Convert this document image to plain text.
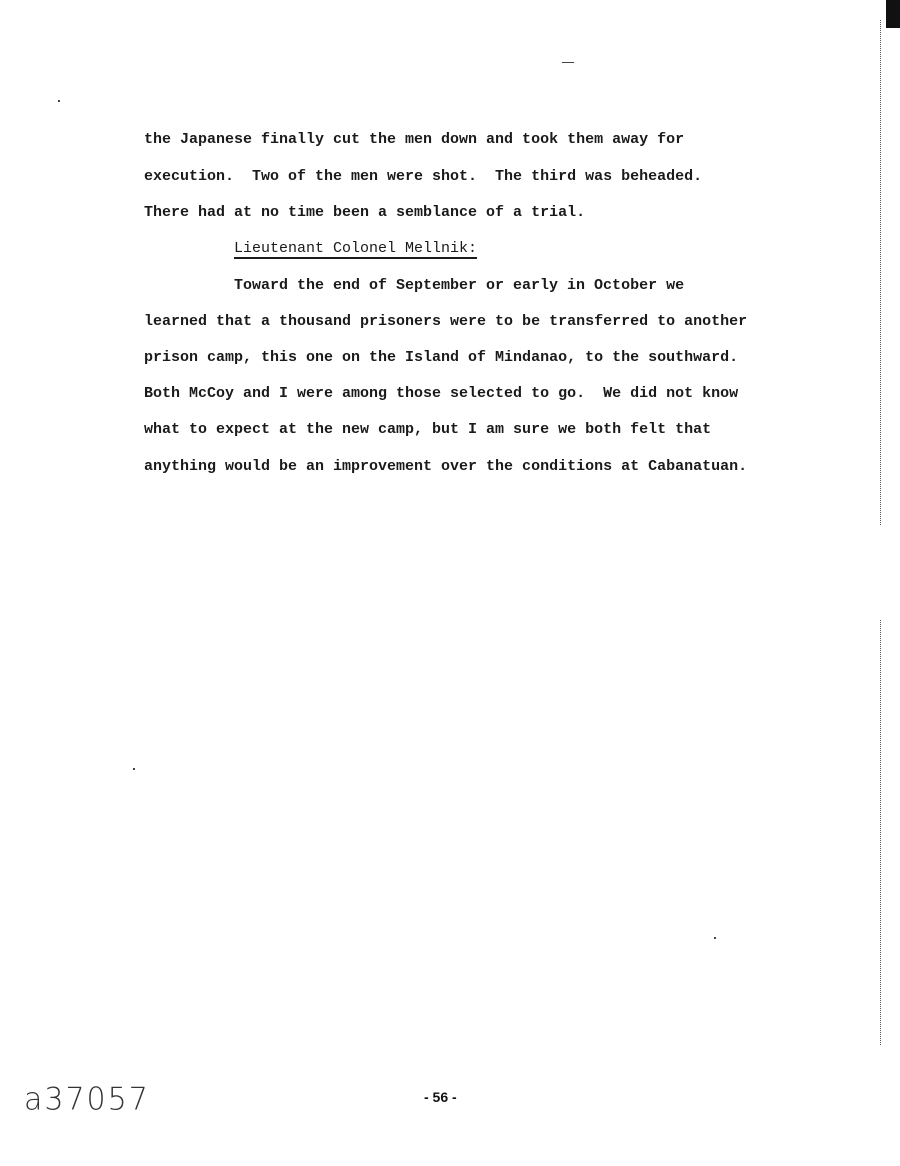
the Japanese finally cut the men down and took them away for
execution.  Two of the men were shot.  The third was beheaded.
There had at no time been a semblance of a trial.
Lieutenant Colonel Mellnik:
Toward the end of September or early in October we
learned that a thousand prisoners were to be transferred to another
prison camp, this one on the Island of Mindanao, to the southward.
Both McCoy and I were among those selected to go.  We did not know
what to expect at the new camp, but I am sure we both felt that
anything would be an improvement over the conditions at Cabanatuan.
a37057	- 56 -
